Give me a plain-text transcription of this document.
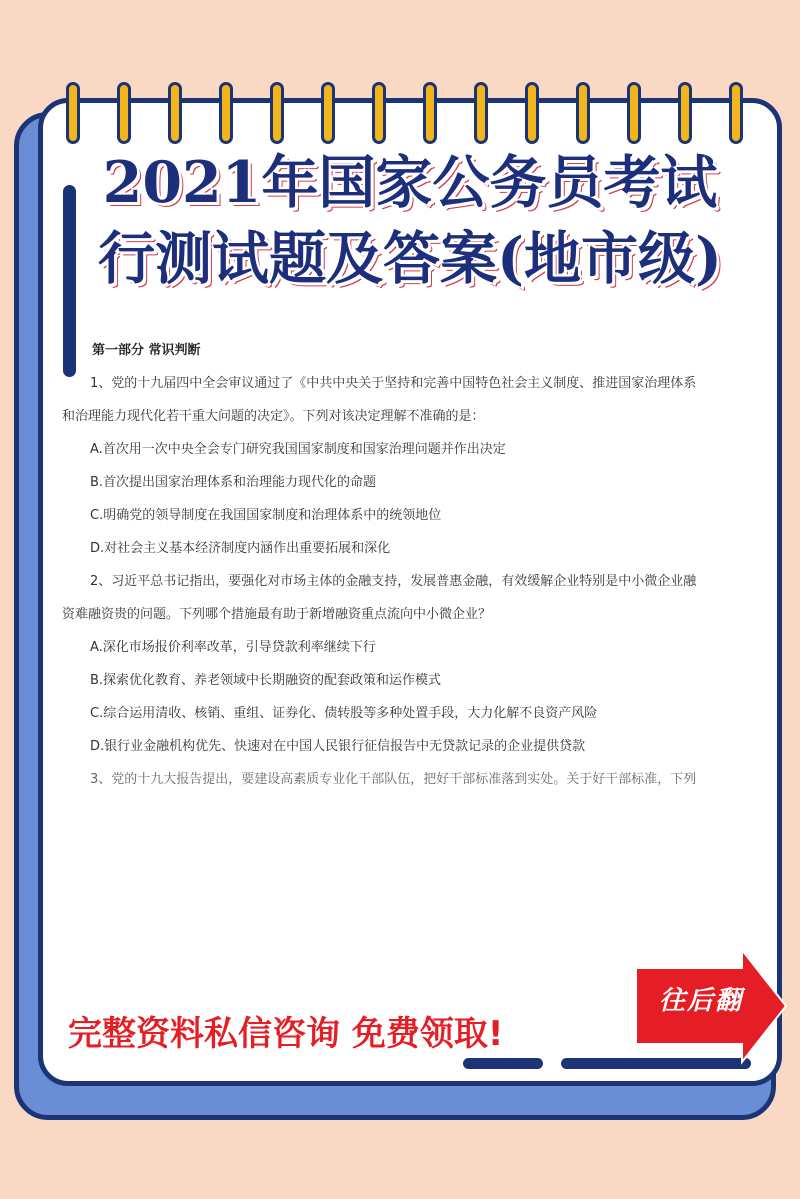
2021年国家公务员考试
行测试题及答案(地市级)

第一部分 常识判断

1、党的十九届四中全会审议通过了《中共中央关于坚持和完善中国特色社会主义制度、推进国家治理体系

和治理能力现代化若干重大问题的决定》。下列对该决定理解不准确的是：

A.首次用一次中央全会专门研究我国国家制度和国家治理问题并作出决定

B.首次提出国家治理体系和治理能力现代化的命题

C.明确党的领导制度在我国国家制度和治理体系中的统领地位

D.对社会主义基本经济制度内涵作出重要拓展和深化

2、习近平总书记指出，要强化对市场主体的金融支持，发展普惠金融，有效缓解企业特别是中小微企业融

资难融资贵的问题。下列哪个措施最有助于新增融资重点流向中小微企业？

A.深化市场报价利率改革，引导贷款利率继续下行

B.探索优化教育、养老领域中长期融资的配套政策和运作模式

C.综合运用清收、核销、重组、证券化、债转股等多种处置手段，大力化解不良资产风险

D.银行业金融机构优先、快速对在中国人民银行征信报告中无贷款记录的企业提供贷款

3、党的十九大报告提出，要建设高素质专业化干部队伍，把好干部标准落到实处。关于好干部标准，下列

完整资料私信咨询 免费领取!
往后翻
